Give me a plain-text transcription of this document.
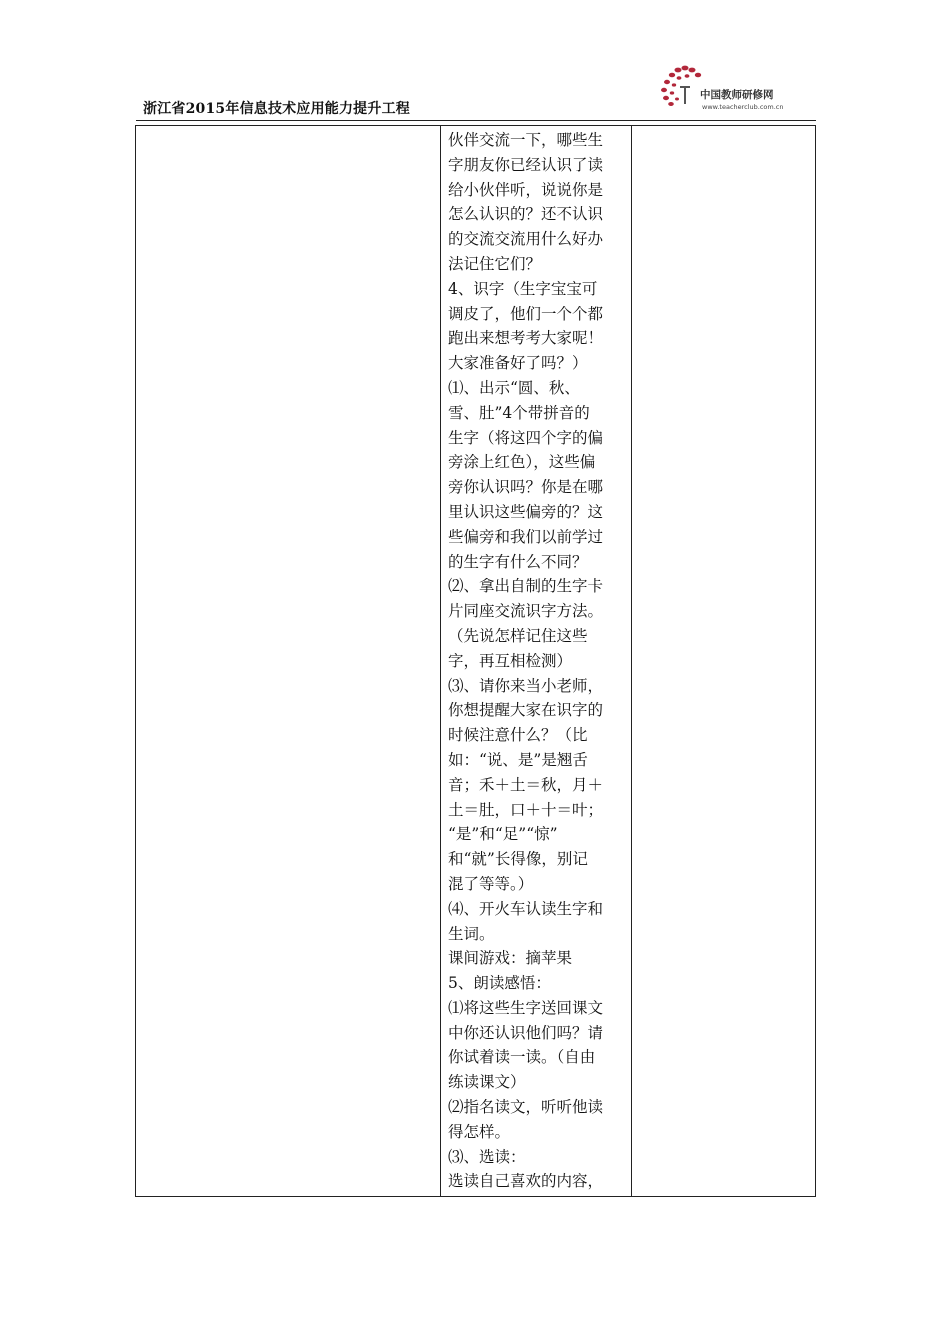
浙江省2015年信息技术应用能力提升工程
中国教师研修网
www.teacherclub.com.cn

伙伴交流一下，哪些生

字朋友你已经认识了读

给小伙伴听，说说你是

怎么认识的？还不认识

的交流交流用什么好办

法记住它们？

4、识字（生字宝宝可

调皮了，他们一个个都

跑出来想考考大家呢！

大家准备好了吗？）

⑴、出示“圆、秋、

雪、肚”4个带拼音的

生字（将这四个字的偏

旁涂上红色），这些偏

旁你认识吗？你是在哪

里认识这些偏旁的？这

些偏旁和我们以前学过

的生字有什么不同？

⑵、拿出自制的生字卡

片同座交流识字方法。

（先说怎样记住这些

字，再互相检测）

⑶、请你来当小老师，

你想提醒大家在识字的

时候注意什么？（比

如：“说、是”是翘舌

音；禾＋土＝秋，月＋

土＝肚，口＋十＝叶；

“是”和“足”“惊”

和“就”长得像，别记

混了等等。）

⑷、开火车认读生字和

生词。

课间游戏：摘苹果

5、朗读感悟：

⑴将这些生字送回课文

中你还认识他们吗？请

你试着读一读。（自由

练读课文）

⑵指名读文，听听他读

得怎样。

⑶、选读：

选读自己喜欢的内容，
